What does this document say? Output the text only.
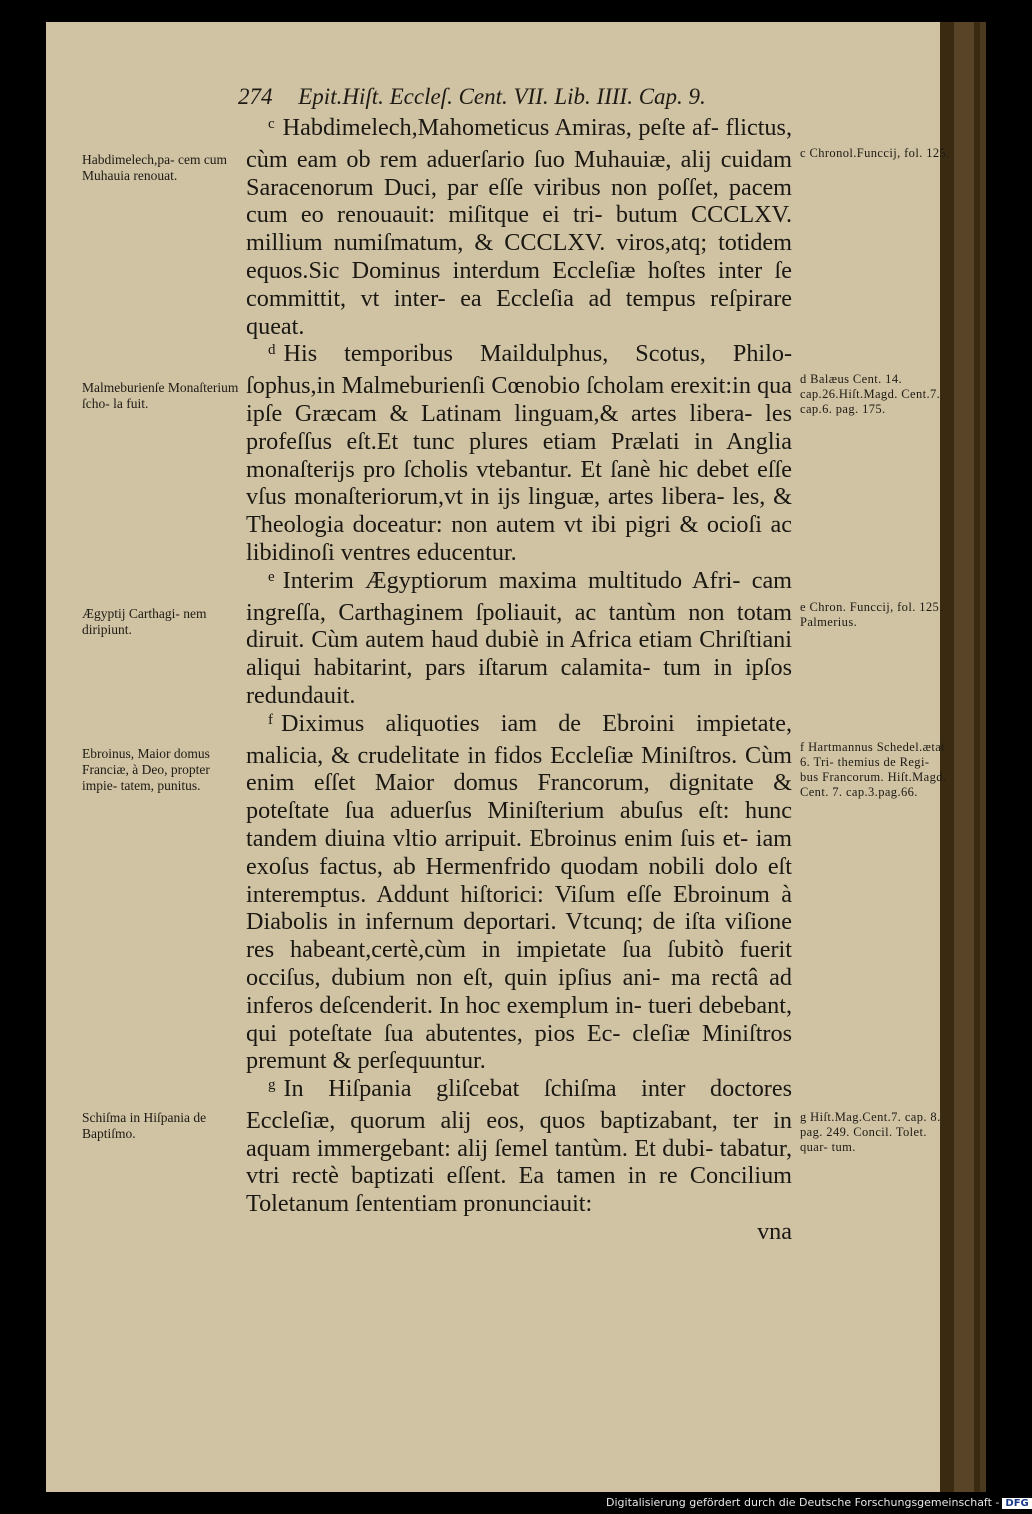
274 Epit.Hiſt. Eccleſ. Cent. VII. Lib. IIII. Cap. 9.
Habdimelech,pa- cem cum Muhauia renouat.
Malmeburienſe Monaſterium ſcho- la fuit.
Ægyptij Carthagi- nem diripiunt.
Ebroinus, Maior domus Franciæ, à Deo, propter impie- tatem, punitus.
Schiſma in Hiſpania de Baptiſmo.
c Chronol.Funccij, fol. 125.
d Balæus Cent. 14. cap.26.Hiſt.Magd. Cent.7. cap.6. pag. 175.
e Chron. Funccij, fol. 125. Palmerius.
f Hartmannus Schedel.ætat 6. Tri- themius de Regi- bus Francorum. Hiſt.Magd. Cent. 7. cap.3.pag.66.
g Hiſt.Mag.Cent.7. cap. 8. pag. 249. Concil. Tolet. quar- tum.

$^c$ Habdimelech,Mahometicus Amiras, peſte af- flictus, cùm eam ob rem aduerſario ſuo Muhauiæ, alij cuidam Saracenorum Duci, par eſſe viribus non poſſet, pacem cum eo renouauit: miſitque ei tri- butum CCCLXV. millium numiſmatum, & CCCLXV. viros,atq; totidem equos.Sic Dominus interdum Eccleſiæ hoſtes inter ſe committit, vt inter- ea Eccleſia ad tempus reſpirare queat.

$^d$ His temporibus Maildulphus, Scotus, Philo- ſophus,in Malmeburienſi Cœnobio ſcholam erexit:in qua ipſe Græcam & Latinam linguam,& artes libera- les profeſſus eſt.Et tunc plures etiam Prælati in Anglia monaſterijs pro ſcholis vtebantur. Et ſanè hic debet eſſe vſus monaſteriorum,vt in ijs linguæ, artes libera- les, & Theologia doceatur: non autem vt ibi pigri & ocioſi ac libidinoſi ventres educentur.

$^e$ Interim Ægyptiorum maxima multitudo Afri- cam ingreſſa, Carthaginem ſpoliauit, ac tantùm non totam diruit. Cùm autem haud dubiè in Africa etiam Chriſtiani aliqui habitarint, pars iſtarum calamita- tum in ipſos redundauit.

$^f$ Diximus aliquoties iam de Ebroini impietate, malicia, & crudelitate in fidos Eccleſiæ Miniſtros. Cùm enim eſſet Maior domus Francorum, dignitate & poteſtate ſua aduerſus Miniſterium abuſus eſt: hunc tandem diuina vltio arripuit. Ebroinus enim ſuis et- iam exoſus factus, ab Hermenfrido quodam nobili dolo eſt interemptus. Addunt hiſtorici: Viſum eſſe Ebroinum à Diabolis in infernum deportari. Vtcunq; de iſta viſione res habeant,certè,cùm in impietate ſua ſubitò fuerit occiſus, dubium non eſt, quin ipſius ani- ma rectâ ad inferos deſcenderit. In hoc exemplum in- tueri debebant, qui poteſtate ſua abutentes, pios Ec- cleſiæ Miniſtros premunt & perſequuntur.

$^g$ In Hiſpania gliſcebat ſchiſma inter doctores Eccleſiæ, quorum alij eos, quos baptizabant, ter in aquam immergebant: alij ſemel tantùm. Et dubi- tabatur, vtri rectè baptizati eſſent. Ea tamen in re Concilium Toletanum ſententiam pronunciauit:

vna
Digitalisierung gefördert durch die Deutsche Forschungsgemeinschaft - DFG
